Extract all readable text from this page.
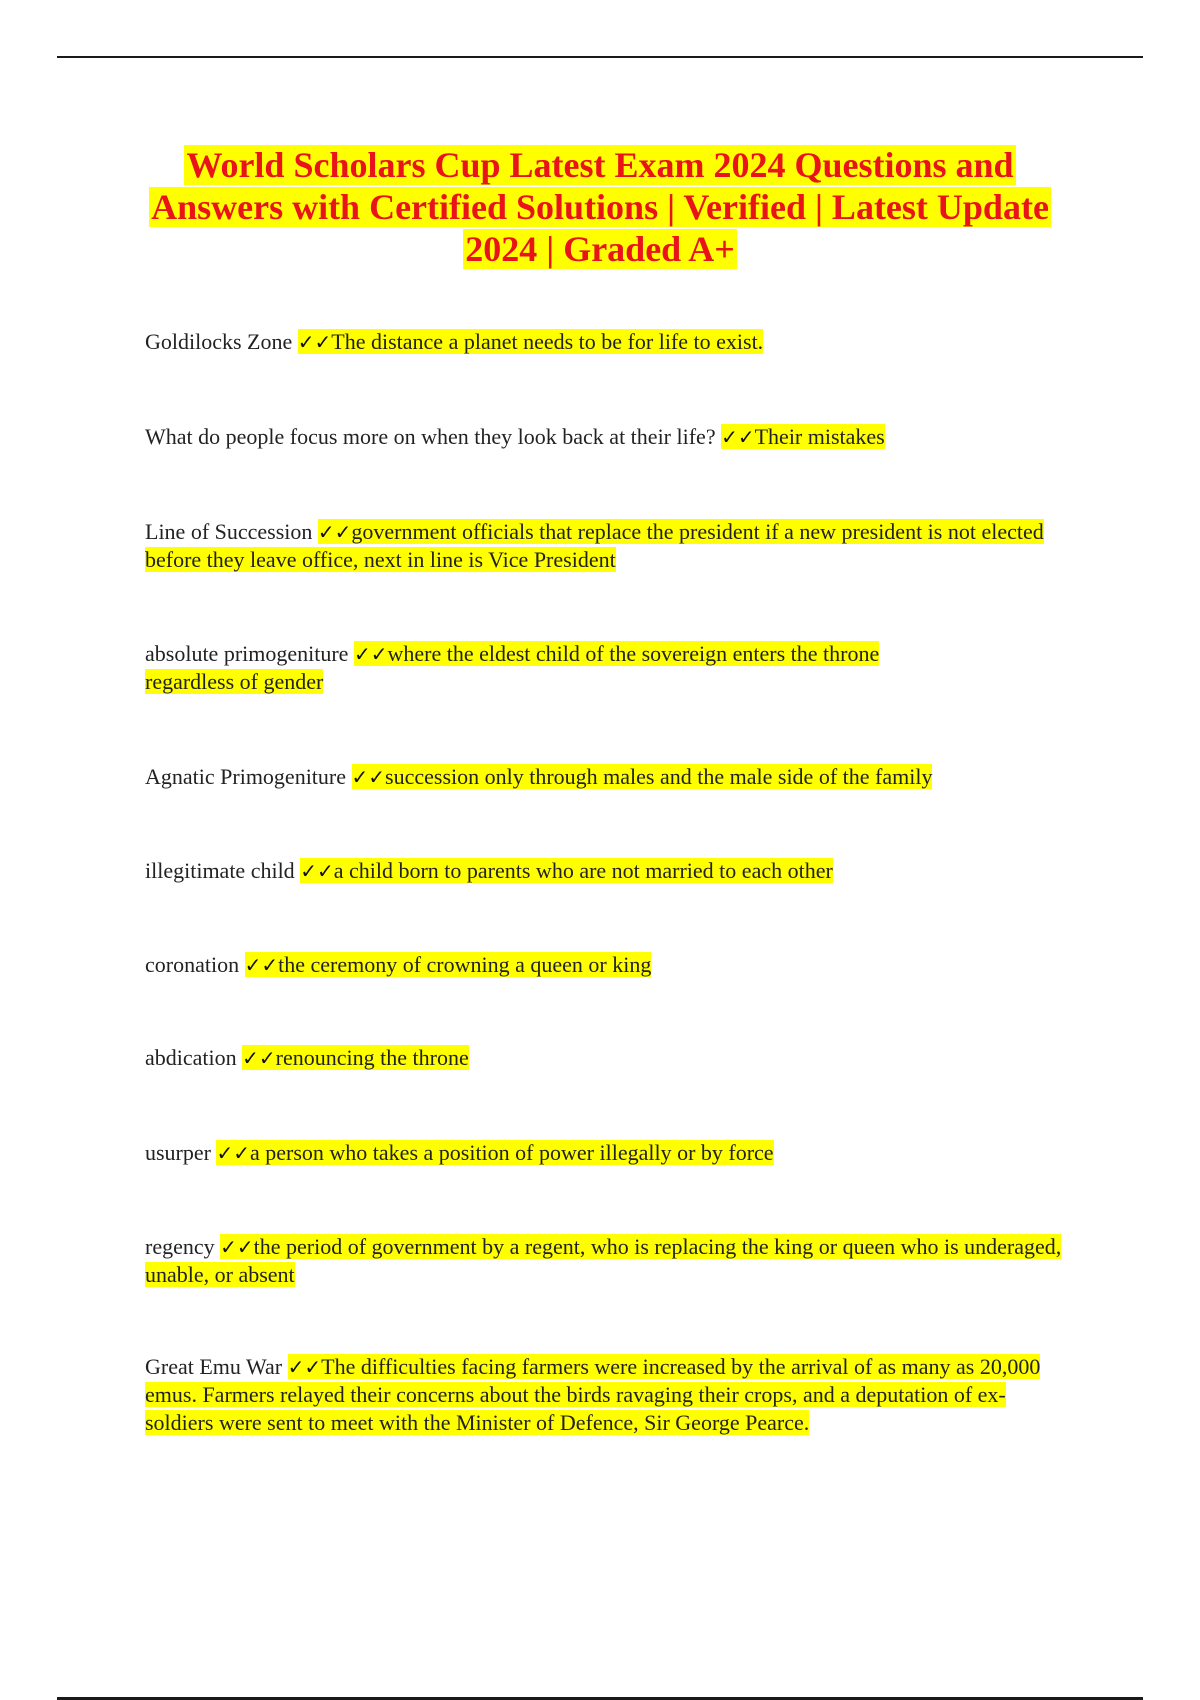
World Scholars Cup Latest Exam 2024 Questions and Answers with Certified Solutions | Verified | Latest Update 2024 | Graded A+

Goldilocks Zone ✓✓The distance a planet needs to be for life to exist.

What do people focus more on when they look back at their life? ✓✓Their mistakes

Line of Succession ✓✓government officials that replace the president if a new president is not elected before they leave office, next in line is Vice President

absolute primogeniture ✓✓where the eldest child of the sovereign enters the throne regardless of gender

Agnatic Primogeniture ✓✓succession only through males and the male side of the family

illegitimate child ✓✓a child born to parents who are not married to each other

coronation ✓✓the ceremony of crowning a queen or king

abdication ✓✓renouncing the throne

usurper ✓✓a person who takes a position of power illegally or by force

regency ✓✓the period of government by a regent, who is replacing the king or queen who is underaged, unable, or absent

Great Emu War ✓✓The difficulties facing farmers were increased by the arrival of as many as 20,000 emus. Farmers relayed their concerns about the birds ravaging their crops, and a deputation of ex-soldiers were sent to meet with the Minister of Defence, Sir George Pearce.
